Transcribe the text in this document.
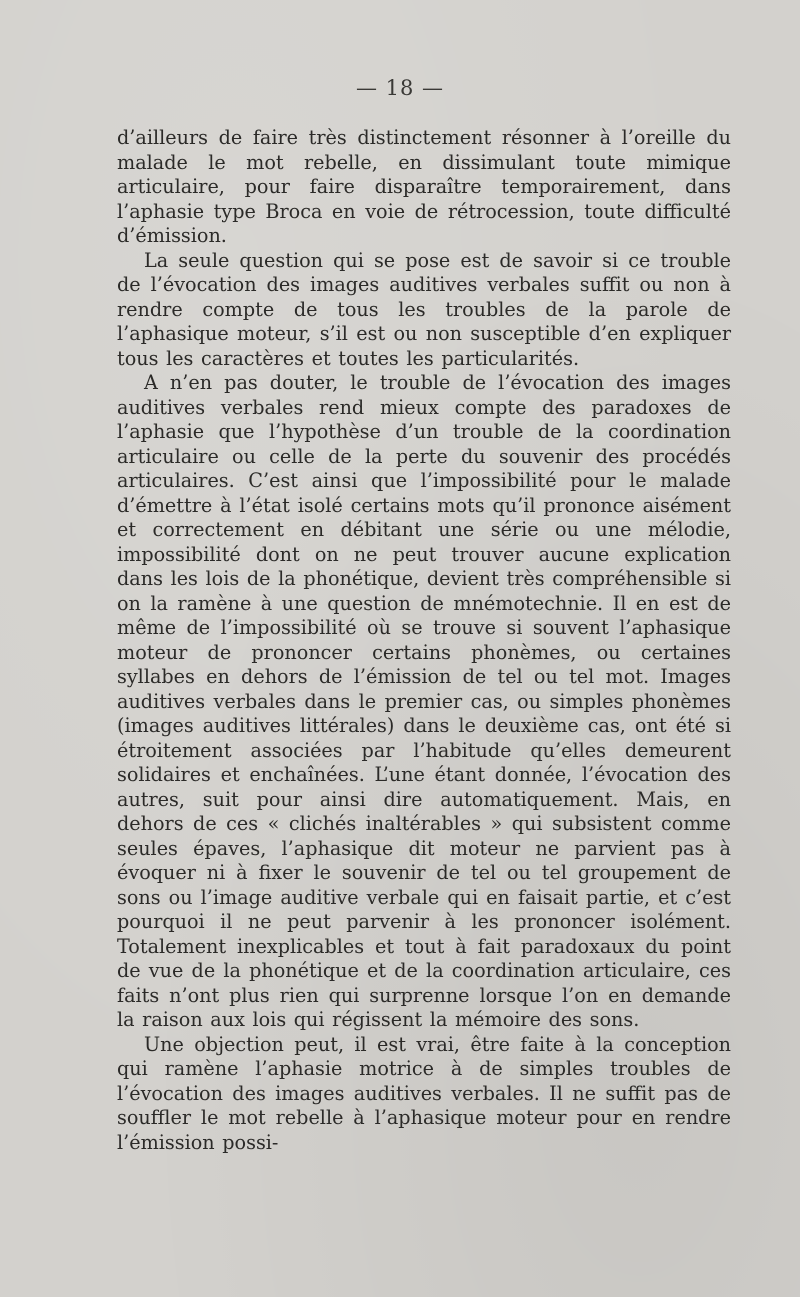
— 18 —

d’ailleurs de faire très distinctement résonner à l’oreille du malade le mot rebelle, en dissimulant toute mimique articulaire, pour faire disparaître temporairement, dans l’aphasie type Broca en voie de rétrocession, toute difficulté d’émission.

La seule question qui se pose est de savoir si ce trouble de l’évocation des images auditives verbales suffit ou non à rendre compte de tous les troubles de la parole de l’aphasique moteur, s’il est ou non susceptible d’en expliquer tous les caractères et toutes les particularités.

A n’en pas douter, le trouble de l’évocation des images auditives verbales rend mieux compte des paradoxes de l’aphasie que l’hypothèse d’un trouble de la coordination articulaire ou celle de la perte du souvenir des procédés articulaires. C’est ainsi que l’impossibilité pour le malade d’émettre à l’état isolé certains mots qu’il prononce aisément et correctement en débitant une série ou une mélodie, impossibilité dont on ne peut trouver aucune explication dans les lois de la phonétique, devient très compréhensible si on la ramène à une question de mnémotechnie. Il en est de même de l’impossibilité où se trouve si souvent l’aphasique moteur de prononcer certains phonèmes, ou certaines syllabes en dehors de l’émission de tel ou tel mot. Images auditives verbales dans le premier cas, ou simples phonèmes (images auditives littérales) dans le deuxième cas, ont été si étroitement associées par l’habitude qu’elles demeurent solidaires et enchaînées. L’une étant donnée, l’évocation des autres, suit pour ainsi dire automatiquement. Mais, en dehors de ces « clichés inaltérables » qui subsistent comme seules épaves, l’aphasique dit moteur ne parvient pas à évoquer ni à fixer le souvenir de tel ou tel groupement de sons ou l’image auditive verbale qui en faisait partie, et c’est pourquoi il ne peut parvenir à les prononcer isolément. Totalement inexplicables et tout à fait paradoxaux du point de vue de la phonétique et de la coordination articulaire, ces faits n’ont plus rien qui surprenne lorsque l’on en demande la raison aux lois qui régissent la mémoire des sons.

Une objection peut, il est vrai, être faite à la conception qui ramène l’aphasie motrice à de simples troubles de l’évocation des images auditives verbales. Il ne suffit pas de souffler le mot rebelle à l’aphasique moteur pour en rendre l’émission possi-
